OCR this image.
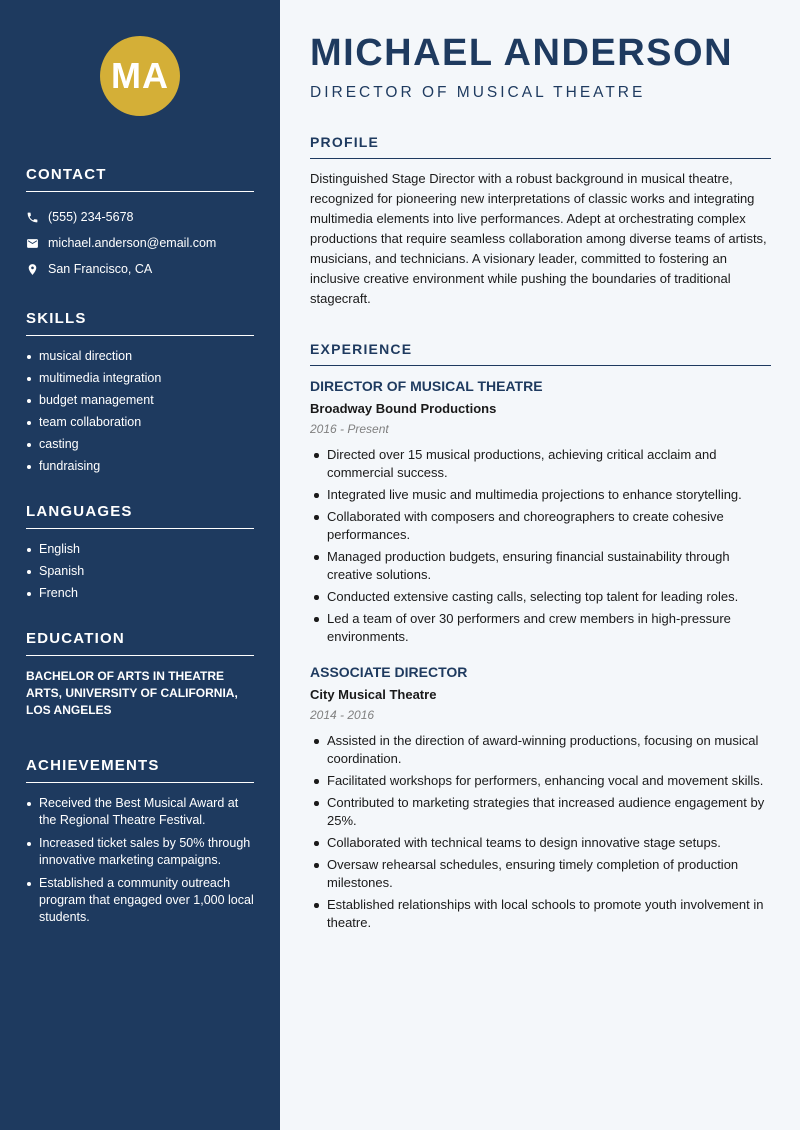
MA
CONTACT
(555) 234-5678
michael.anderson@email.com
San Francisco, CA
SKILLS
musical direction
multimedia integration
budget management
team collaboration
casting
fundraising
LANGUAGES
English
Spanish
French
EDUCATION
BACHELOR OF ARTS IN THEATRE ARTS, UNIVERSITY OF CALIFORNIA, LOS ANGELES
ACHIEVEMENTS
Received the Best Musical Award at the Regional Theatre Festival.
Increased ticket sales by 50% through innovative marketing campaigns.
Established a community outreach program that engaged over 1,000 local students.
MICHAEL ANDERSON
DIRECTOR OF MUSICAL THEATRE
PROFILE

Distinguished Stage Director with a robust background in musical theatre, recognized for pioneering new interpretations of classic works and integrating multimedia elements into live performances. Adept at orchestrating complex productions that require seamless collaboration among diverse teams of artists, musicians, and technicians. A visionary leader, committed to fostering an inclusive creative environment while pushing the boundaries of traditional stagecraft.

EXPERIENCE
DIRECTOR OF MUSICAL THEATRE
Broadway Bound Productions
2016 - Present
Directed over 15 musical productions, achieving critical acclaim and commercial success.
Integrated live music and multimedia projections to enhance storytelling.
Collaborated with composers and choreographers to create cohesive performances.
Managed production budgets, ensuring financial sustainability through creative solutions.
Conducted extensive casting calls, selecting top talent for leading roles.
Led a team of over 30 performers and crew members in high-pressure environments.
ASSOCIATE DIRECTOR
City Musical Theatre
2014 - 2016
Assisted in the direction of award-winning productions, focusing on musical coordination.
Facilitated workshops for performers, enhancing vocal and movement skills.
Contributed to marketing strategies that increased audience engagement by 25%.
Collaborated with technical teams to design innovative stage setups.
Oversaw rehearsal schedules, ensuring timely completion of production milestones.
Established relationships with local schools to promote youth involvement in theatre.
